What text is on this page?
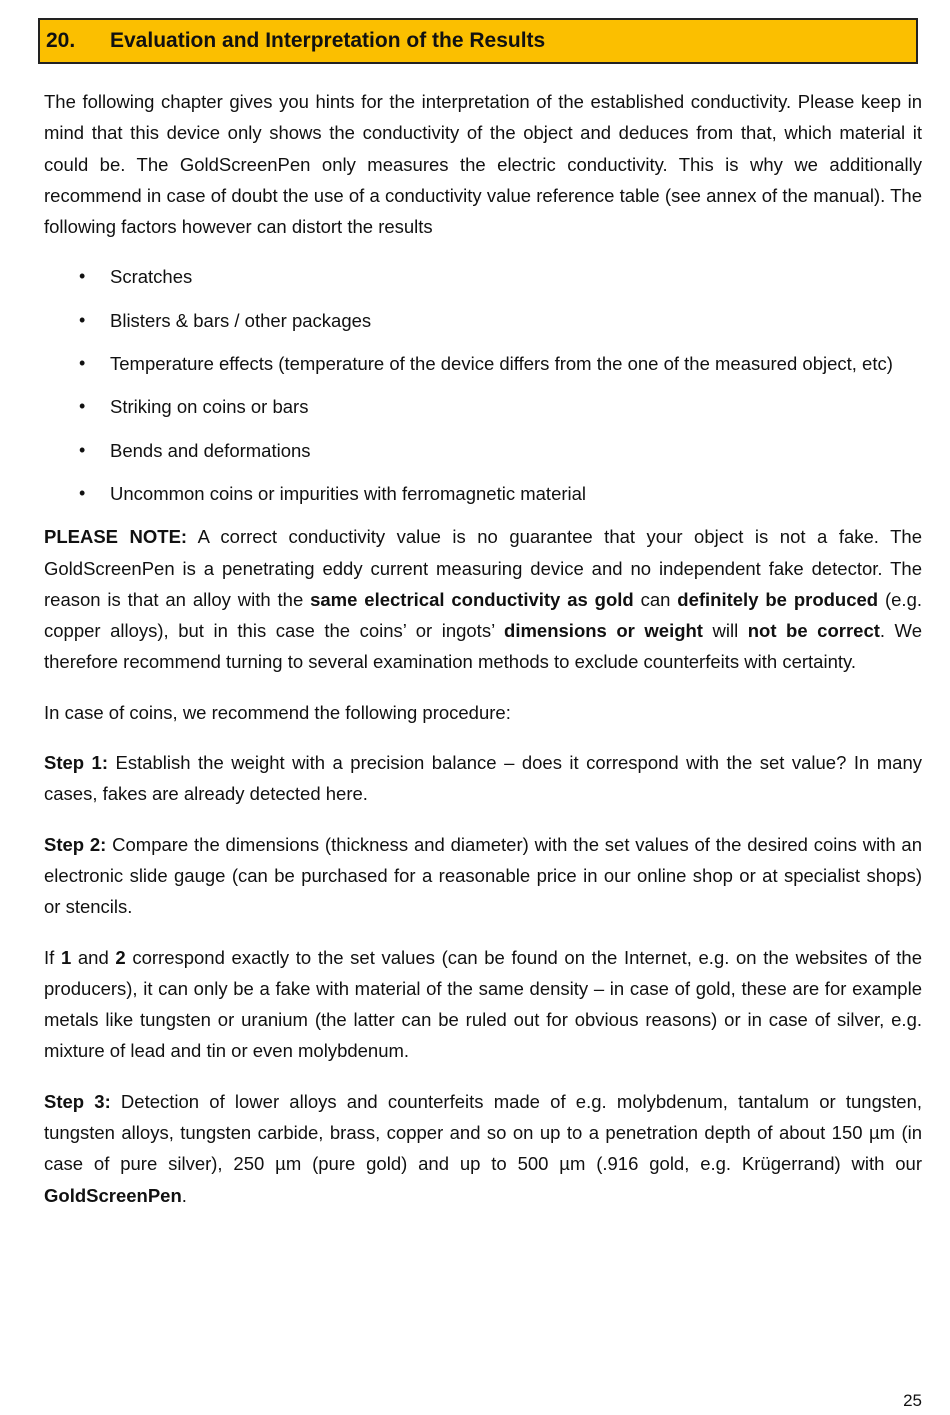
20.	Evaluation and Interpretation of the Results

The following chapter gives you hints for the interpretation of the established conductivity. Please keep in mind that this device only shows the conductivity of the object and deduces from that, which material it could be. The GoldScreenPen only measures the electric conductivity. This is why we additionally recommend in case of doubt the use of a conductivity value reference table (see annex of the manual). The following factors however can distort the results

• Scratches
• Blisters & bars / other packages
• Temperature effects (temperature of the device differs from the one of the measured object, etc)
• Striking on coins or bars
• Bends and deformations
• Uncommon coins or impurities with ferromagnetic material

PLEASE NOTE: A correct conductivity value is no guarantee that your object is not a fake. The GoldScreenPen is a penetrating eddy current measuring device and no independent fake detector. The reason is that an alloy with the same electrical conductivity as gold can definitely be produced (e.g. copper alloys), but in this case the coins’ or ingots’ dimensions or weight will not be correct. We therefore recommend turning to several examination methods to exclude counterfeits with certainty.

In case of coins, we recommend the following procedure:

Step 1: Establish the weight with a precision balance – does it correspond with the set value? In many cases, fakes are already detected here.

Step 2: Compare the dimensions (thickness and diameter) with the set values of the desired coins with an electronic slide gauge (can be purchased for a reasonable price in our online shop or at specialist shops) or stencils.

If 1 and 2 correspond exactly to the set values (can be found on the Internet, e.g. on the websites of the producers), it can only be a fake with material of the same density – in case of gold, these are for example metals like tungsten or uranium (the latter can be ruled out for obvious reasons) or in case of silver, e.g. mixture of lead and tin or even molybdenum.

Step 3: Detection of lower alloys and counterfeits made of e.g. molybdenum, tantalum or tungsten, tungsten alloys, tungsten carbide, brass, copper and so on up to a penetration depth of about 150 µm (in case of pure silver), 250 µm (pure gold) and up to 500 µm (.916 gold, e.g. Krügerrand) with our GoldScreenPen.

25
